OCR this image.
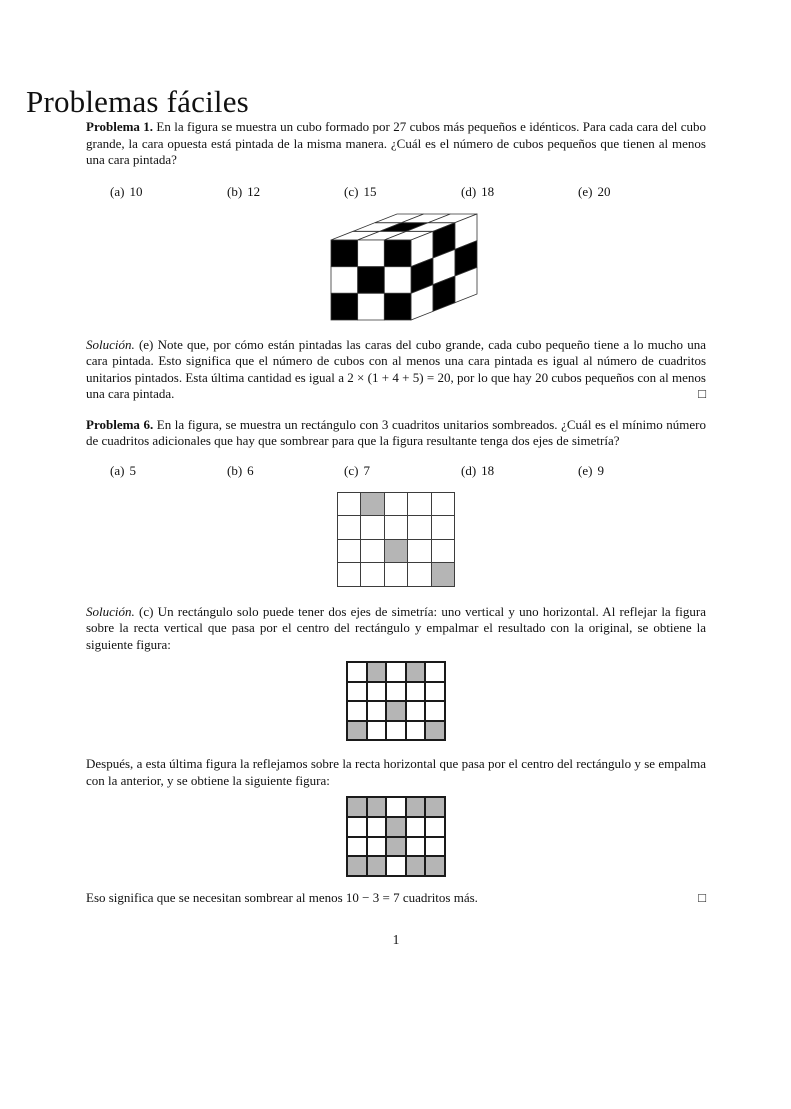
Problemas fáciles

Problema 1. En la figura se muestra un cubo formado por 27 cubos más pequeños e idénticos. Para cada cara del cubo grande, la cara opuesta está pintada de la misma manera. ¿Cuál es el número de cubos pequeños que tienen al menos una cara pintada?

(a) 10	(b) 12	(c) 15	(d) 18	(e) 20

Solución. (e) Note que, por cómo están pintadas las caras del cubo grande, cada cubo pequeño tiene a lo mucho una cara pintada. Esto significa que el número de cubos con al menos una cara pintada es igual al número de cuadritos unitarios pintados. Esta última cantidad es igual a 2 × (1 + 4 + 5) = 20, por lo que hay 20 cubos pequeños con al menos una cara pintada.	□

Problema 6. En la figura, se muestra un rectángulo con 3 cuadritos unitarios sombreados. ¿Cuál es el mínimo número de cuadritos adicionales que hay que sombrear para que la figura resultante tenga dos ejes de simetría?

(a) 5	(b) 6	(c) 7	(d) 18	(e) 9

Solución. (c) Un rectángulo solo puede tener dos ejes de simetría: uno vertical y uno horizontal. Al reflejar la figura sobre la recta vertical que pasa por el centro del rectángulo y empalmar el resultado con la original, se obtiene la siguiente figura:

Después, a esta última figura la reflejamos sobre la recta horizontal que pasa por el centro del rectángulo y se empalma con la anterior, y se obtiene la siguiente figura:

Eso significa que se necesitan sombrear al menos 10 − 3 = 7 cuadritos más.	□

1
